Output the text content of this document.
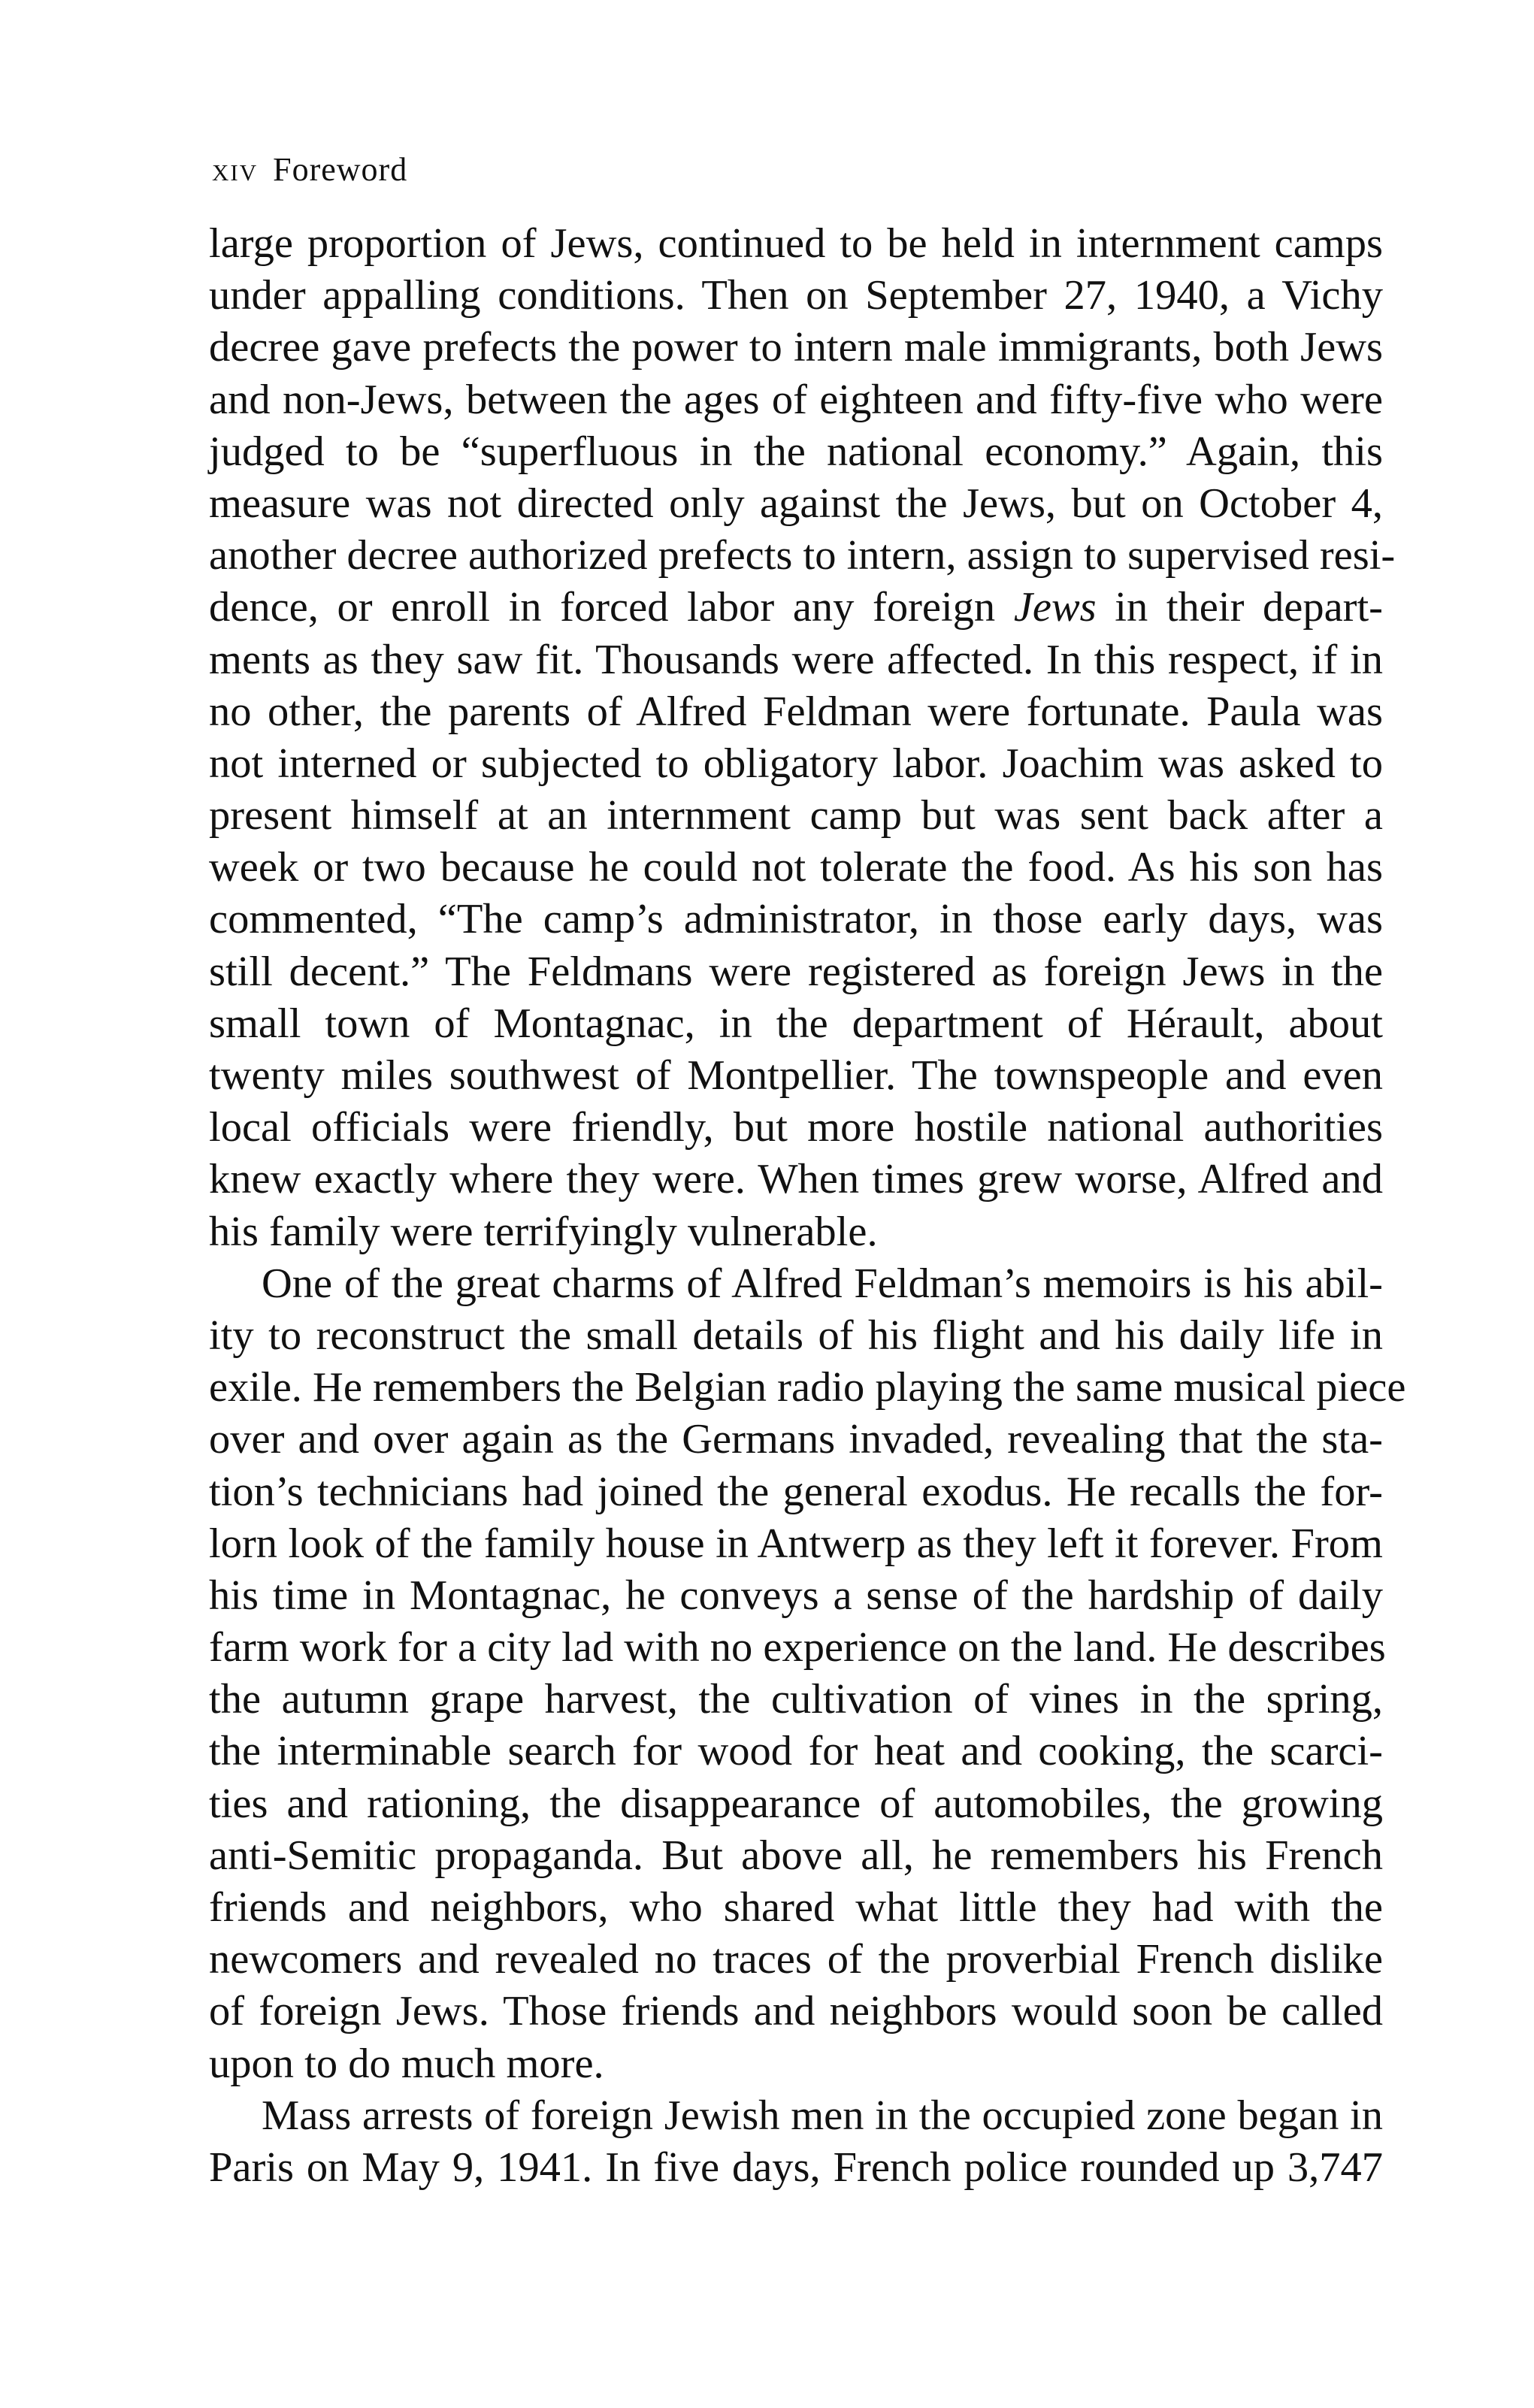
xiv Foreword
large proportion of Jews, continued to be held in internment camps
under appalling conditions. Then on September 27, 1940, a Vichy
decree gave prefects the power to intern male immigrants, both Jews
and non-Jews, between the ages of eighteen and fifty-five who were
judged to be “superfluous in the national economy.” Again, this
measure was not directed only against the Jews, but on October 4,
another decree authorized prefects to intern, assign to supervised resi-
dence, or enroll in forced labor any foreign Jews in their depart-
ments as they saw fit. Thousands were affected. In this respect, if in
no other, the parents of Alfred Feldman were fortunate. Paula was
not interned or subjected to obligatory labor. Joachim was asked to
present himself at an internment camp but was sent back after a
week or two because he could not tolerate the food. As his son has
commented, “The camp’s administrator, in those early days, was
still decent.” The Feldmans were registered as foreign Jews in the
small town of Montagnac, in the department of Hérault, about
twenty miles southwest of Montpellier. The townspeople and even
local officials were friendly, but more hostile national authorities
knew exactly where they were. When times grew worse, Alfred and
his family were terrifyingly vulnerable.
One of the great charms of Alfred Feldman’s memoirs is his abil-
ity to reconstruct the small details of his flight and his daily life in
exile. He remembers the Belgian radio playing the same musical piece
over and over again as the Germans invaded, revealing that the sta-
tion’s technicians had joined the general exodus. He recalls the for-
lorn look of the family house in Antwerp as they left it forever. From
his time in Montagnac, he conveys a sense of the hardship of daily
farm work for a city lad with no experience on the land. He describes
the autumn grape harvest, the cultivation of vines in the spring,
the interminable search for wood for heat and cooking, the scarci-
ties and rationing, the disappearance of automobiles, the growing
anti-Semitic propaganda. But above all, he remembers his French
friends and neighbors, who shared what little they had with the
newcomers and revealed no traces of the proverbial French dislike
of foreign Jews. Those friends and neighbors would soon be called
upon to do much more.
Mass arrests of foreign Jewish men in the occupied zone began in
Paris on May 9, 1941. In five days, French police rounded up 3,747
